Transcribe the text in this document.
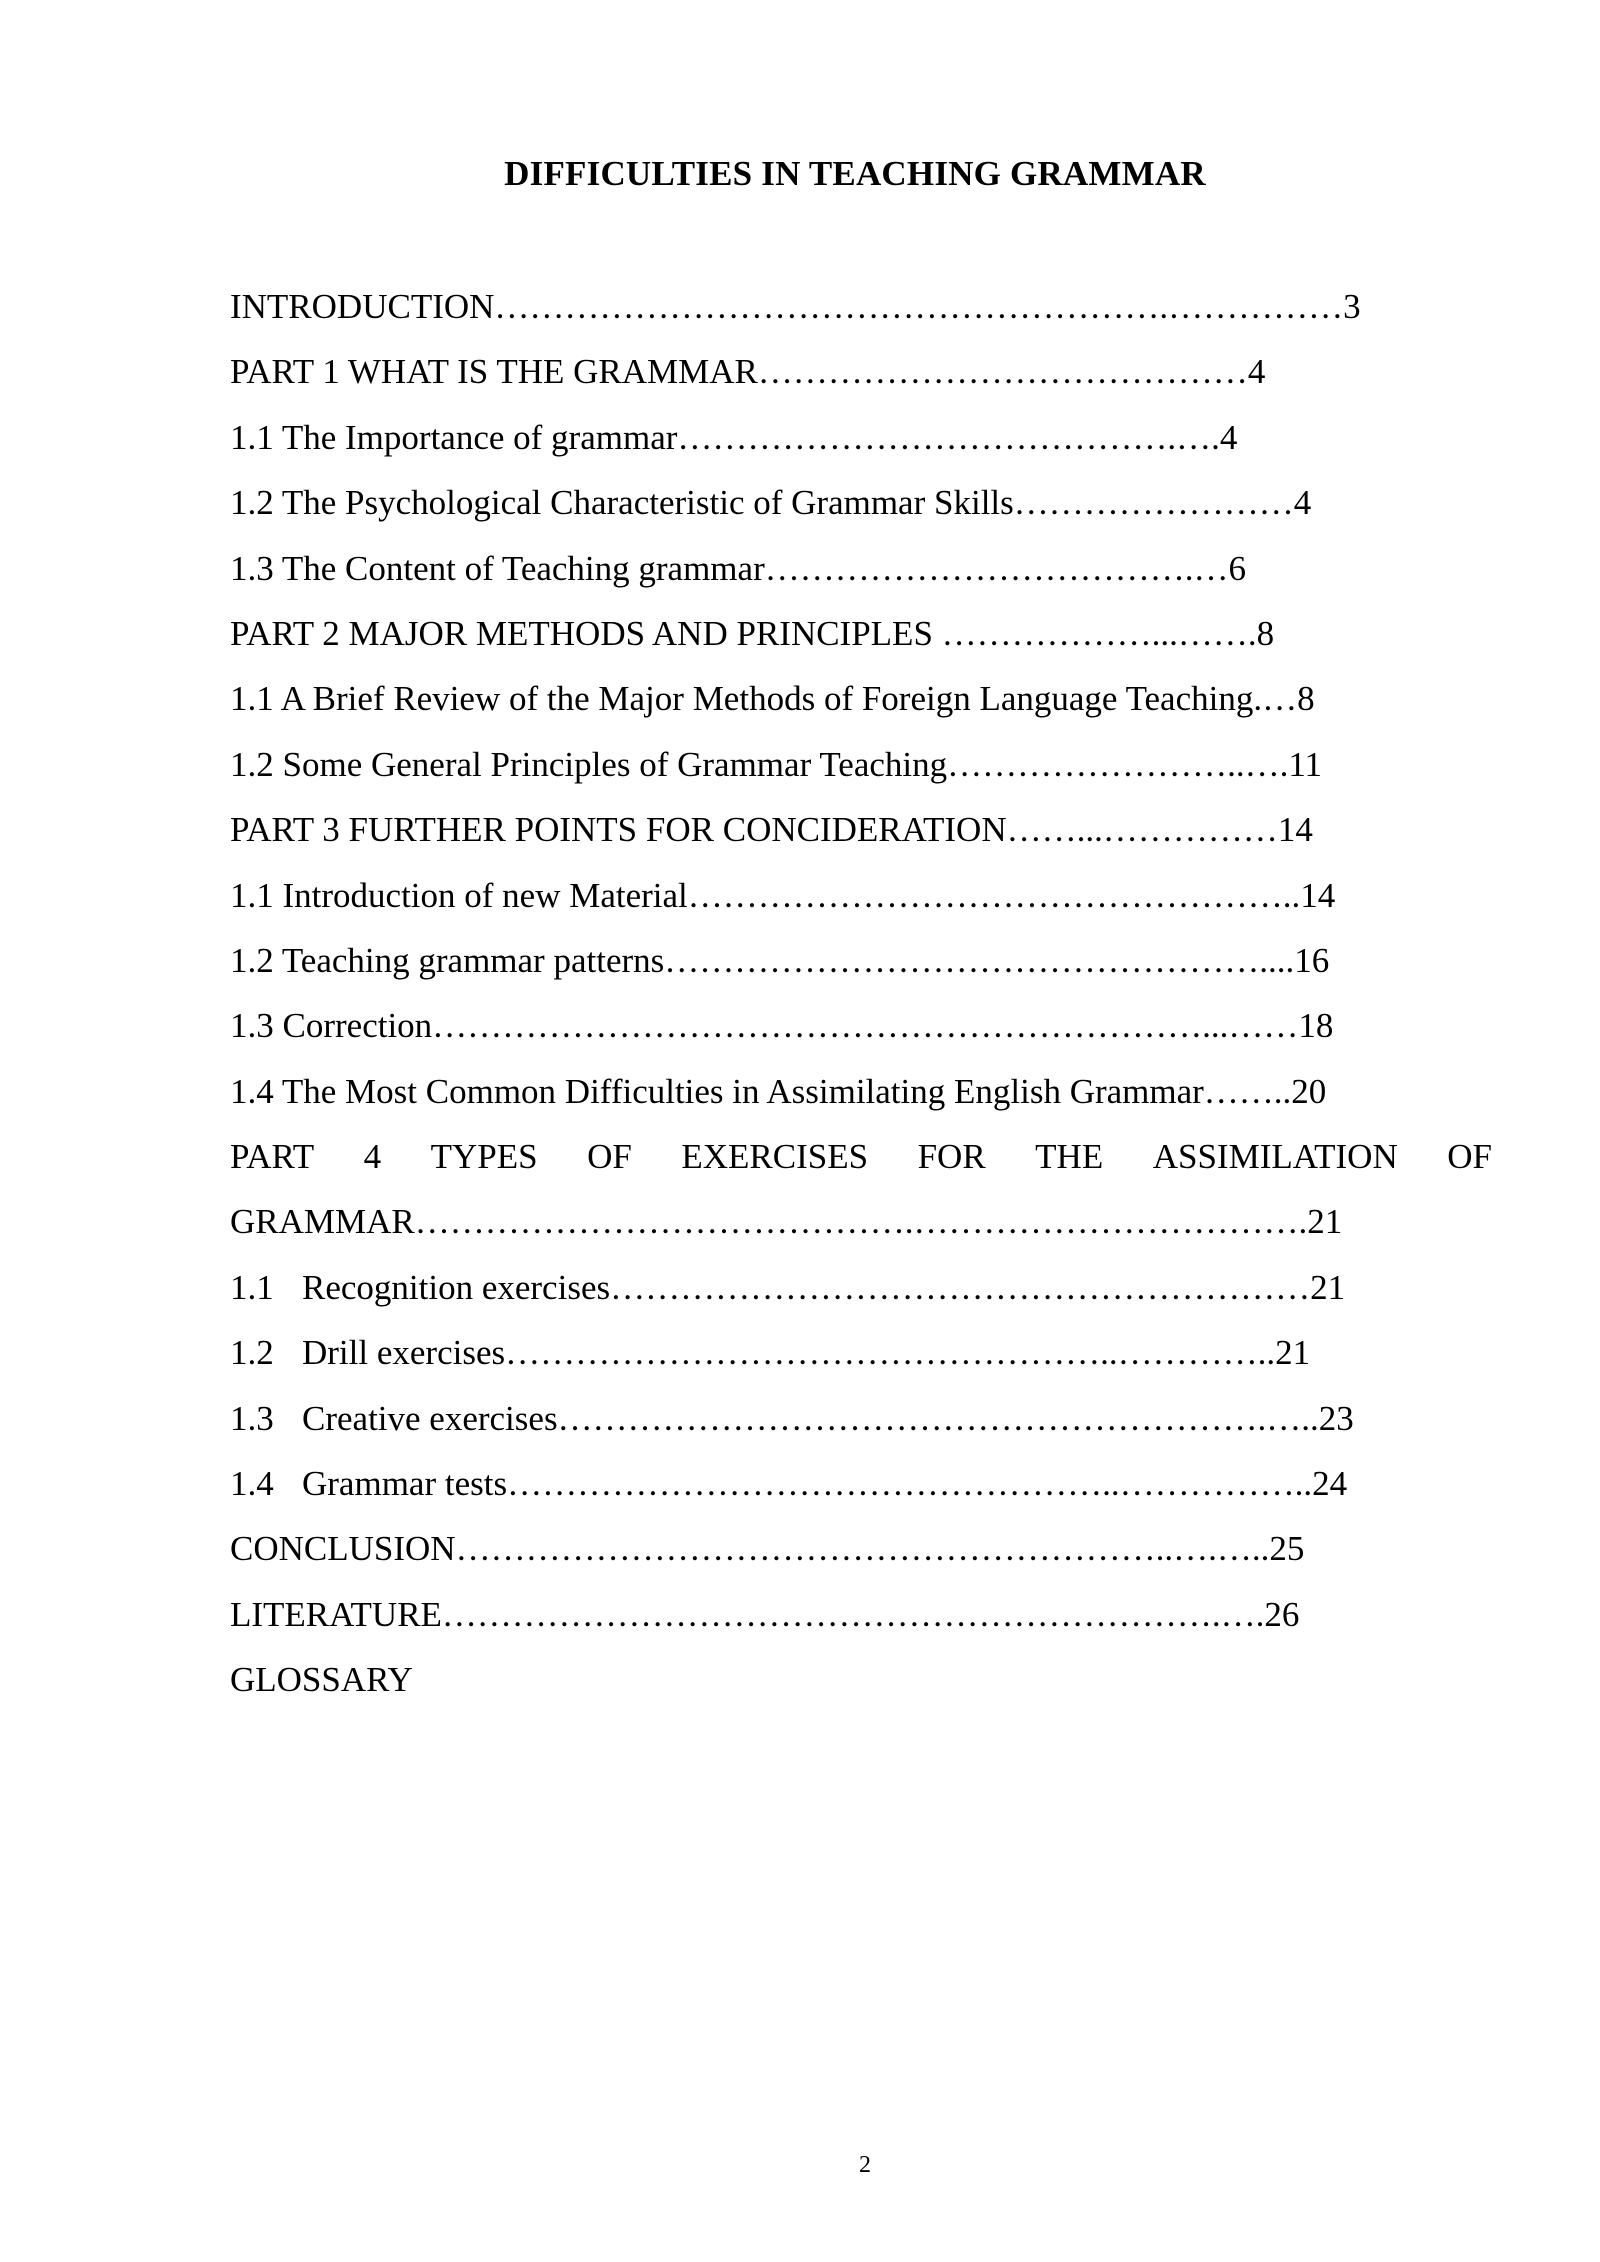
DIFFICULTIES IN TEACHING GRAMMAR
INTRODUCTION………………………………………………….……………3
PART 1 WHAT IS THE GRAMMAR……………………………………4
1.1 The Importance of grammar…………………………………….….4
1.2 The Psychological Characteristic of Grammar Skills……………………4
1.3 The Content of Teaching grammar……………………………….…6
PART 2 MAJOR METHODS AND PRINCIPLES ………………...…….8
1.1 A Brief Review of the Major Methods of Foreign Language Teaching.…8
1.2 Some General Principles of Grammar Teaching……………………..….11
PART 3 FURTHER POINTS FOR CONCIDERATION……...……………14
1.1 Introduction of new Material……………………………………………..14
1.2 Teaching grammar patterns……………………………………………....16
1.3 Correction…………………………………………………………...……18
1.4 The Most Common Difficulties in Assimilating English Grammar……..20
PART 4 TYPES OF EXERCISES FOR THE ASSIMILATION OF
GRAMMAR…………………………………….…………………………….21
1.1 Recognition exercises……………………………………………………21
1.2 Drill exercises……………………………………………..…………..21
1.3 Creative exercises…………………………………………………….…..23
1.4 Grammar tests……………………………………………..……………..24
CONCLUSION……………………………………………………..….…..25
LITERATURE………………………………………………………….….26
GLOSSARY
2
